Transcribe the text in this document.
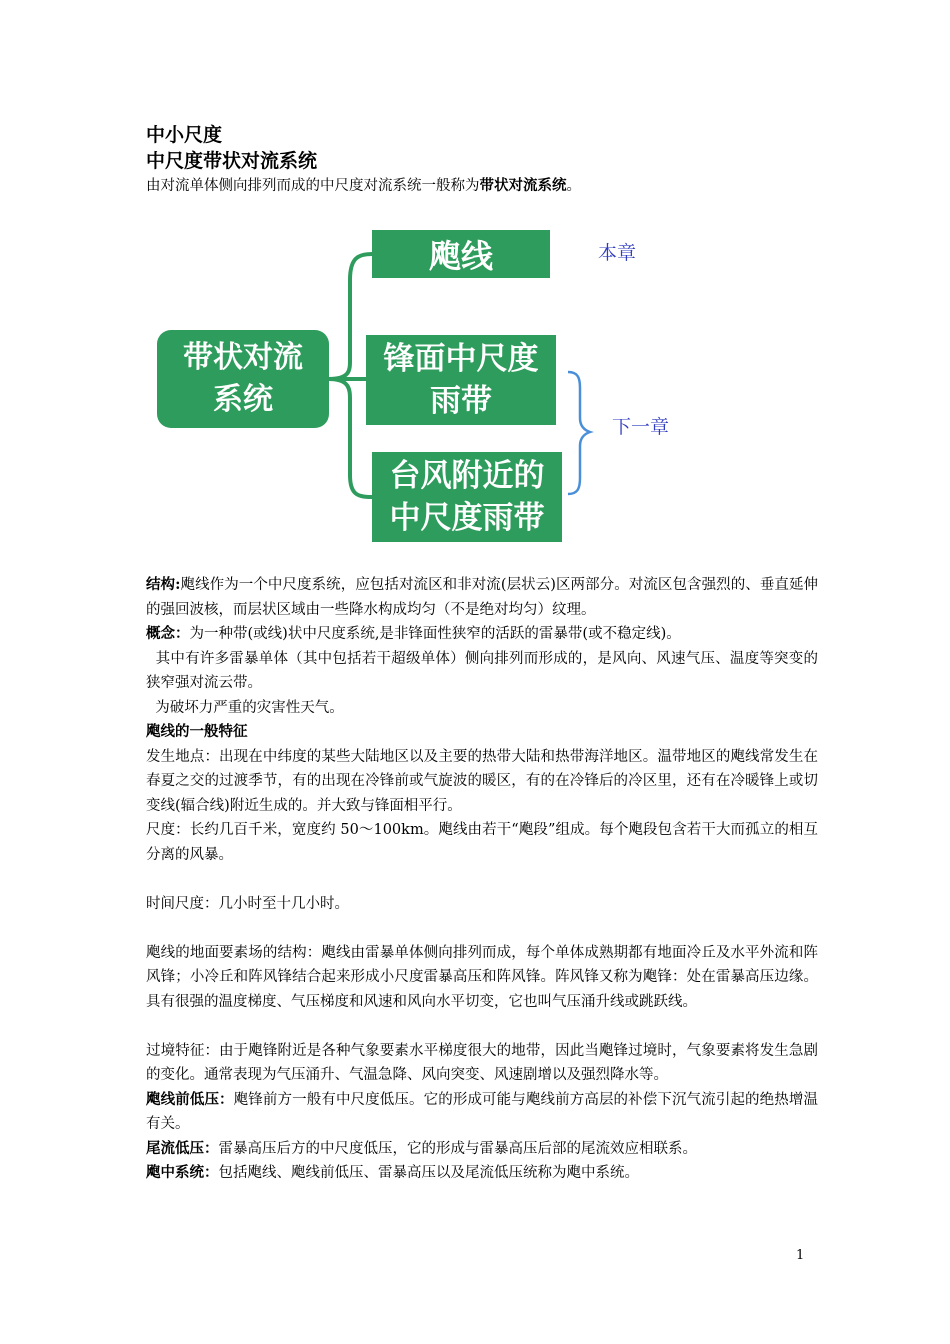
中小尺度
中尺度带状对流系统
由对流单体侧向排列而成的中尺度对流系统一般称为带状对流系统。
带状对流
系统
飑线
锋面中尺度
雨带
台风附近的
中尺度雨带
本章
下一章

结构:飑线作为一个中尺度系统，应包括对流区和非对流(层状云)区两部分。对流区包含强烈的、垂直延伸的强回波核，而层状区域由一些降水构成均匀（不是绝对均匀）纹理。

概念：为一种带(或线)状中尺度系统,是非锋面性狭窄的活跃的雷暴带(或不稳定线)。

其中有许多雷暴单体（其中包括若干超级单体）侧向排列而形成的，是风向、风速气压、温度等突变的狭窄强对流云带。

为破坏力严重的灾害性天气。

飑线的一般特征

发生地点：出现在中纬度的某些大陆地区以及主要的热带大陆和热带海洋地区。温带地区的飑线常发生在春夏之交的过渡季节，有的出现在冷锋前或气旋波的暖区，有的在冷锋后的冷区里，还有在冷暖锋上或切变线(辐合线)附近生成的。并大致与锋面相平行。

尺度：长约几百千米，宽度约 50～100km。飑线由若干“飑段”组成。每个飑段包含若干大而孤立的相互分离的风暴。

时间尺度：几小时至十几小时。

飑线的地面要素场的结构：飑线由雷暴单体侧向排列而成，每个单体成熟期都有地面冷丘及水平外流和阵风锋；小冷丘和阵风锋结合起来形成小尺度雷暴高压和阵风锋。阵风锋又称为飑锋：处在雷暴高压边缘。具有很强的温度梯度、气压梯度和风速和风向水平切变，它也叫气压涌升线或跳跃线。

过境特征：由于飑锋附近是各种气象要素水平梯度很大的地带，因此当飑锋过境时，气象要素将发生急剧的变化。通常表现为气压涌升、气温急降、风向突变、风速剧增以及强烈降水等。

飑线前低压：飑锋前方一般有中尺度低压。它的形成可能与飑线前方高层的补偿下沉气流引起的绝热增温有关。

尾流低压：雷暴高压后方的中尺度低压，它的形成与雷暴高压后部的尾流效应相联系。

飑中系统：包括飑线、飑线前低压、雷暴高压以及尾流低压统称为飑中系统。

1
